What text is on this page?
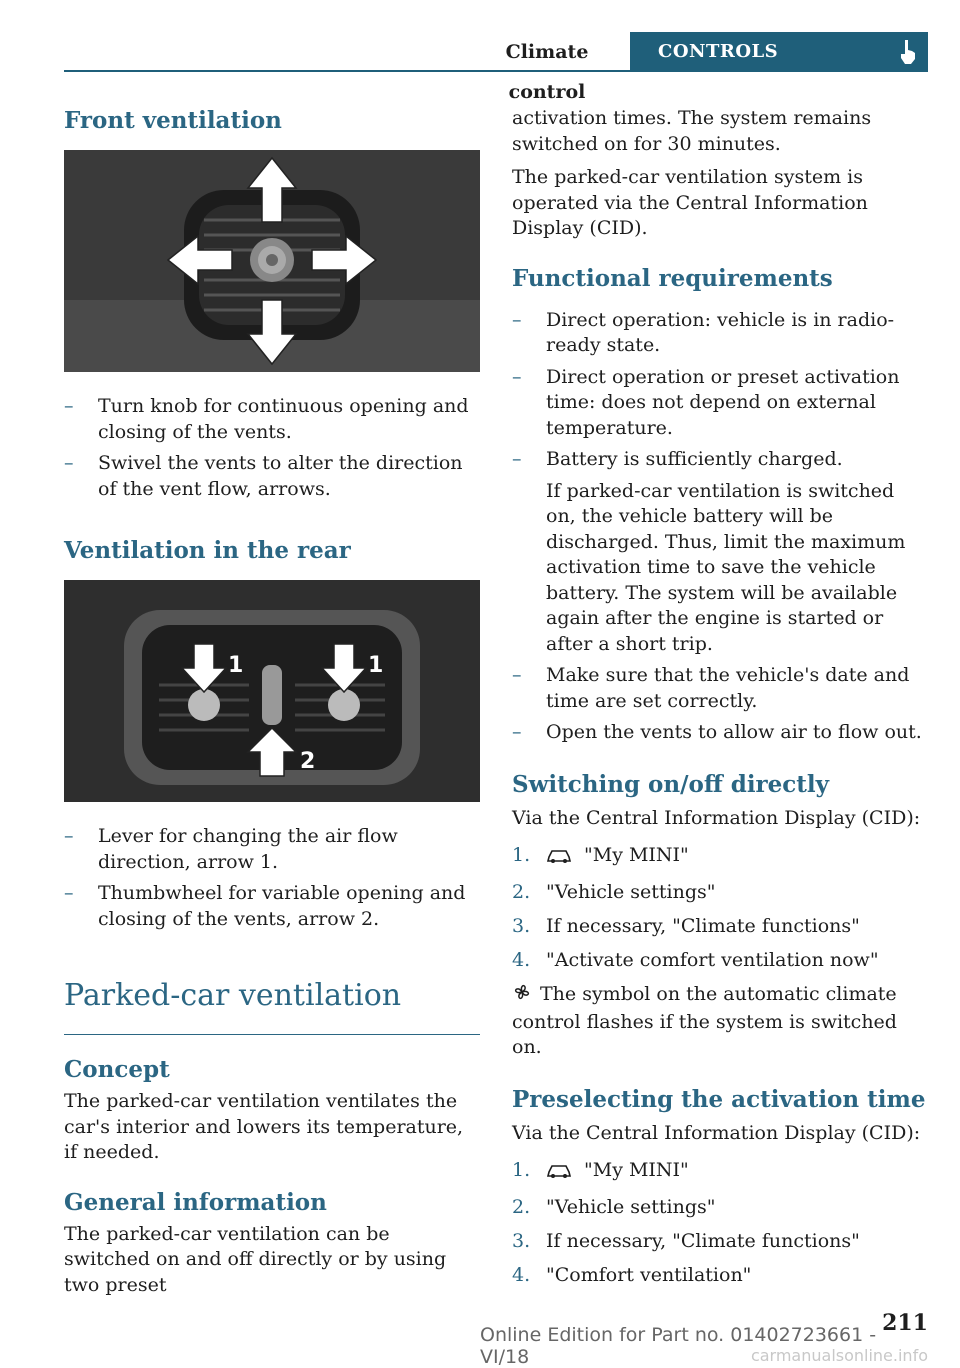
Climate control
CONTROLS
Front ventilation
– Turn knob for continuous opening and closing of the vents.
– Swivel the vents to alter the direction of the vent flow, arrows.
Ventilation in the rear
1	1
2
– Lever for changing the air flow direction, arrow 1.
– Thumbwheel for variable opening and closing of the vents, arrow 2.
Parked-car ventilation
Concept

The parked-car ventilation ventilates the car's interior and lowers its temperature, if needed.

General information

The parked-car ventilation can be switched on and off directly or by using two preset

activation times. The system remains switched on for 30 minutes.

The parked-car ventilation system is operated via the Central Information Display (CID).

Functional requirements
– Direct operation: vehicle is in radio-ready state.
– Direct operation or preset activation time: does not depend on external temperature.
– Battery is sufficiently charged.
If parked-car ventilation is switched on, the vehicle battery will be discharged. Thus, limit the maximum activation time to save the vehicle battery. The system will be available again after the engine is started or after a short trip.
– Make sure that the vehicle's date and time are set correctly.
– Open the vents to allow air to flow out.
Switching on/off directly

Via the Central Information Display (CID):

1.	"My MINI"
2. "Vehicle settings"
3. If necessary, "Climate functions"
4. "Activate comfort ventilation now"
The symbol on the automatic climate control flashes if the system is switched on.
Preselecting the activation time

Via the Central Information Display (CID):

1.	"My MINI"
2. "Vehicle settings"
3. If necessary, "Climate functions"
4. "Comfort ventilation"
211
Online Edition for Part no. 01402723661 - VI/18	carmanualsonline.info
